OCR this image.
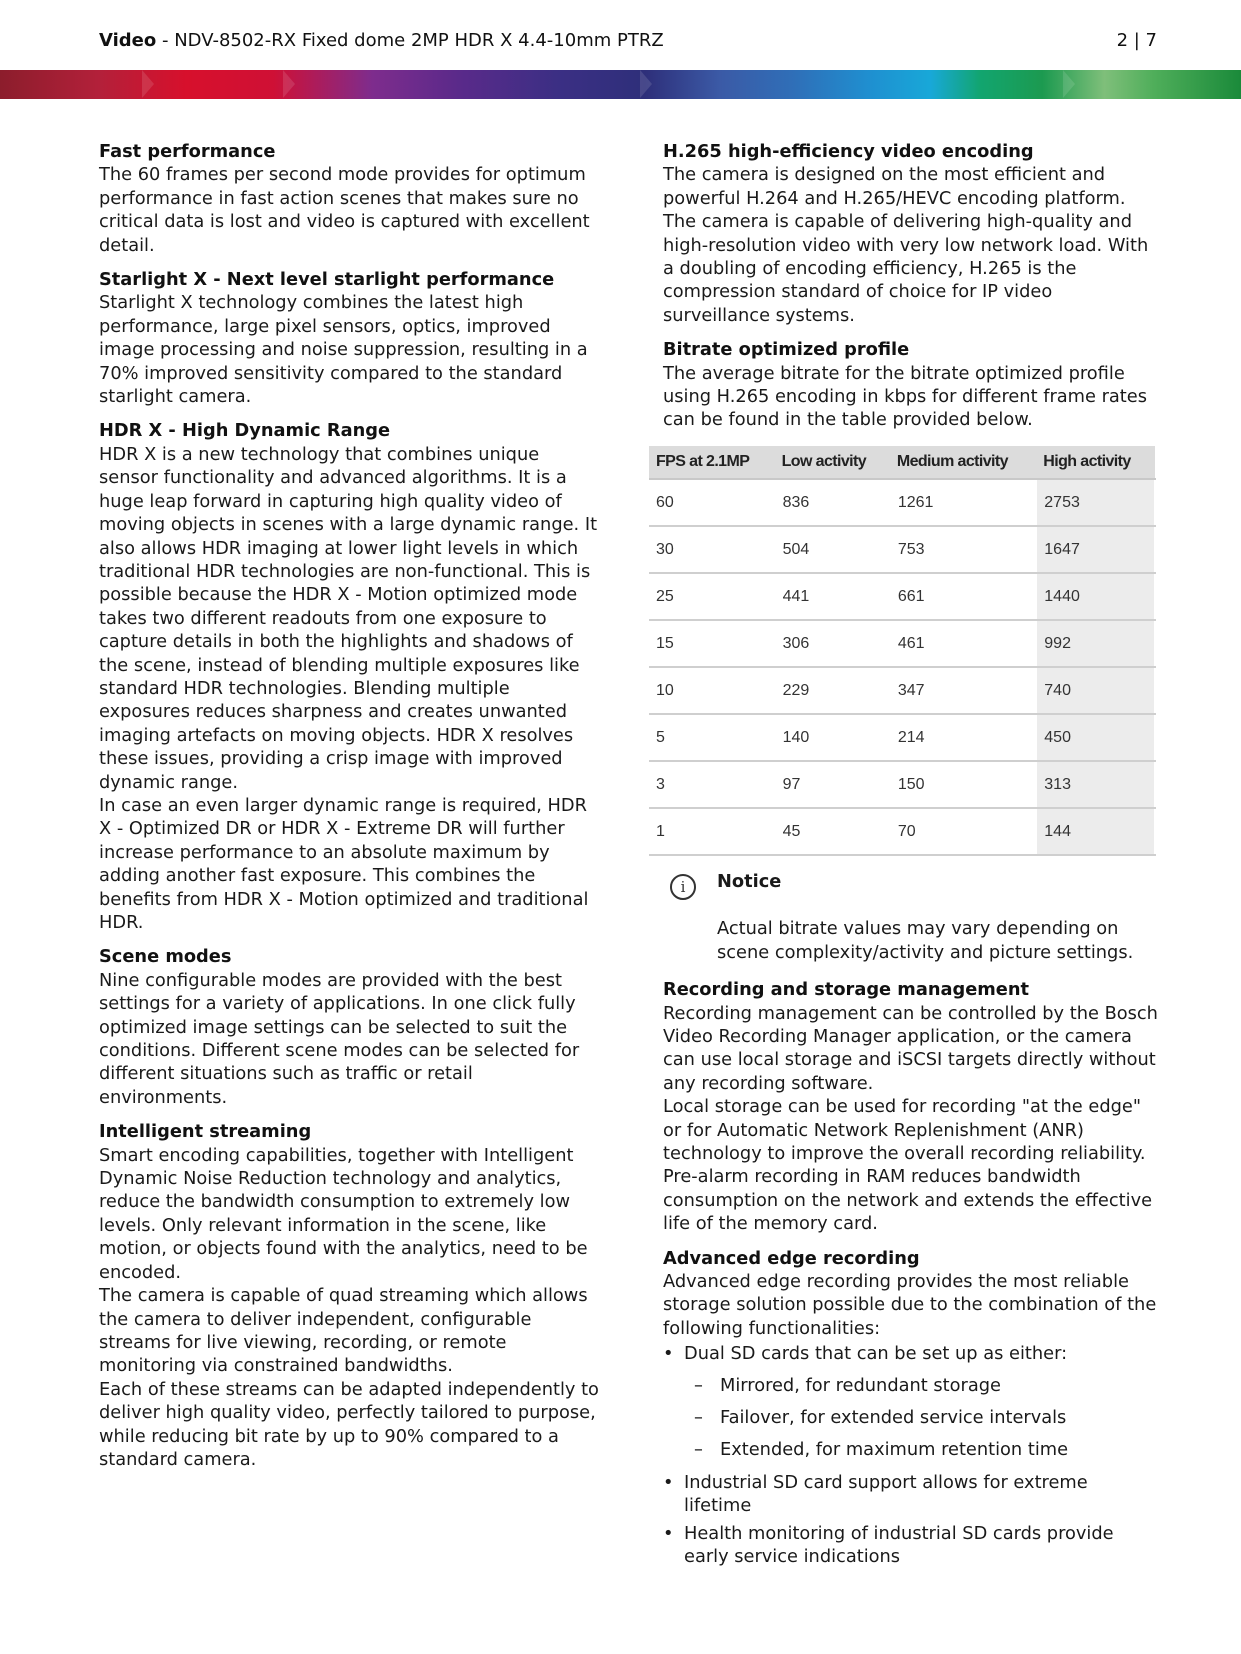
Video - NDV-8502-RX Fixed dome 2MP HDR X 4.4-10mm PTRZ	2 | 7
Fast performance

The 60 frames per second mode provides for optimum performance in fast action scenes that makes sure no critical data is lost and video is captured with excellent detail.

Starlight X - Next level starlight performance

Starlight X technology combines the latest high performance, large pixel sensors, optics, improved image processing and noise suppression, resulting in a 70% improved sensitivity compared to the standard starlight camera.

HDR X - High Dynamic Range

HDR X is a new technology that combines unique sensor functionality and advanced algorithms. It is a huge leap forward in capturing high quality video of moving objects in scenes with a large dynamic range. It also allows HDR imaging at lower light levels in which traditional HDR technologies are non-functional. This is possible because the HDR X - Motion optimized mode takes two different readouts from one exposure to capture details in both the highlights and shadows of the scene, instead of blending multiple exposures like standard HDR technologies. Blending multiple exposures reduces sharpness and creates unwanted imaging artefacts on moving objects. HDR X resolves these issues, providing a crisp image with improved dynamic range.

In case an even larger dynamic range is required, HDR X - Optimized DR or HDR X - Extreme DR will further increase performance to an absolute maximum by adding another fast exposure. This combines the benefits from HDR X - Motion optimized and traditional HDR.

Scene modes

Nine configurable modes are provided with the best settings for a variety of applications. In one click fully optimized image settings can be selected to suit the conditions. Different scene modes can be selected for different situations such as traffic or retail environments.

Intelligent streaming

Smart encoding capabilities, together with Intelligent Dynamic Noise Reduction technology and analytics, reduce the bandwidth consumption to extremely low levels. Only relevant information in the scene, like motion, or objects found with the analytics, need to be encoded.

The camera is capable of quad streaming which allows the camera to deliver independent, configurable streams for live viewing, recording, or remote monitoring via constrained bandwidths.

Each of these streams can be adapted independently to deliver high quality video, perfectly tailored to purpose, while reducing bit rate by up to 90% compared to a standard camera.

H.265 high-efficiency video encoding

The camera is designed on the most efficient and powerful H.264 and H.265/HEVC encoding platform. The camera is capable of delivering high-quality and high-resolution video with very low network load. With a doubling of encoding efficiency, H.265 is the compression standard of choice for IP video surveillance systems.

Bitrate optimized profile

The average bitrate for the bitrate optimized profile using H.265 encoding in kbps for different frame rates can be found in the table provided below.

FPS at 2.1MP	Low activity	Medium activity	High activity
60	836	1261	2753
30	504	753	1647
25	441	661	1440
15	306	461	992
10	229	347	740
5	140	214	450
3	97	150	313
1	45	70	144
i	Notice
Actual bitrate values may vary depending on scene complexity/activity and picture settings.
Recording and storage management

Recording management can be controlled by the Bosch Video Recording Manager application, or the camera can use local storage and iSCSI targets directly without any recording software.

Local storage can be used for recording "at the edge" or for Automatic Network Replenishment (ANR) technology to improve the overall recording reliability. Pre-alarm recording in RAM reduces bandwidth consumption on the network and extends the effective life of the memory card.

Advanced edge recording

Advanced edge recording provides the most reliable storage solution possible due to the combination of the following functionalities:

• Dual SD cards that can be set up as either:
– Mirrored, for redundant storage
– Failover, for extended service intervals
– Extended, for maximum retention time
• Industrial SD card support allows for extreme lifetime
• Health monitoring of industrial SD cards provide early service indications
